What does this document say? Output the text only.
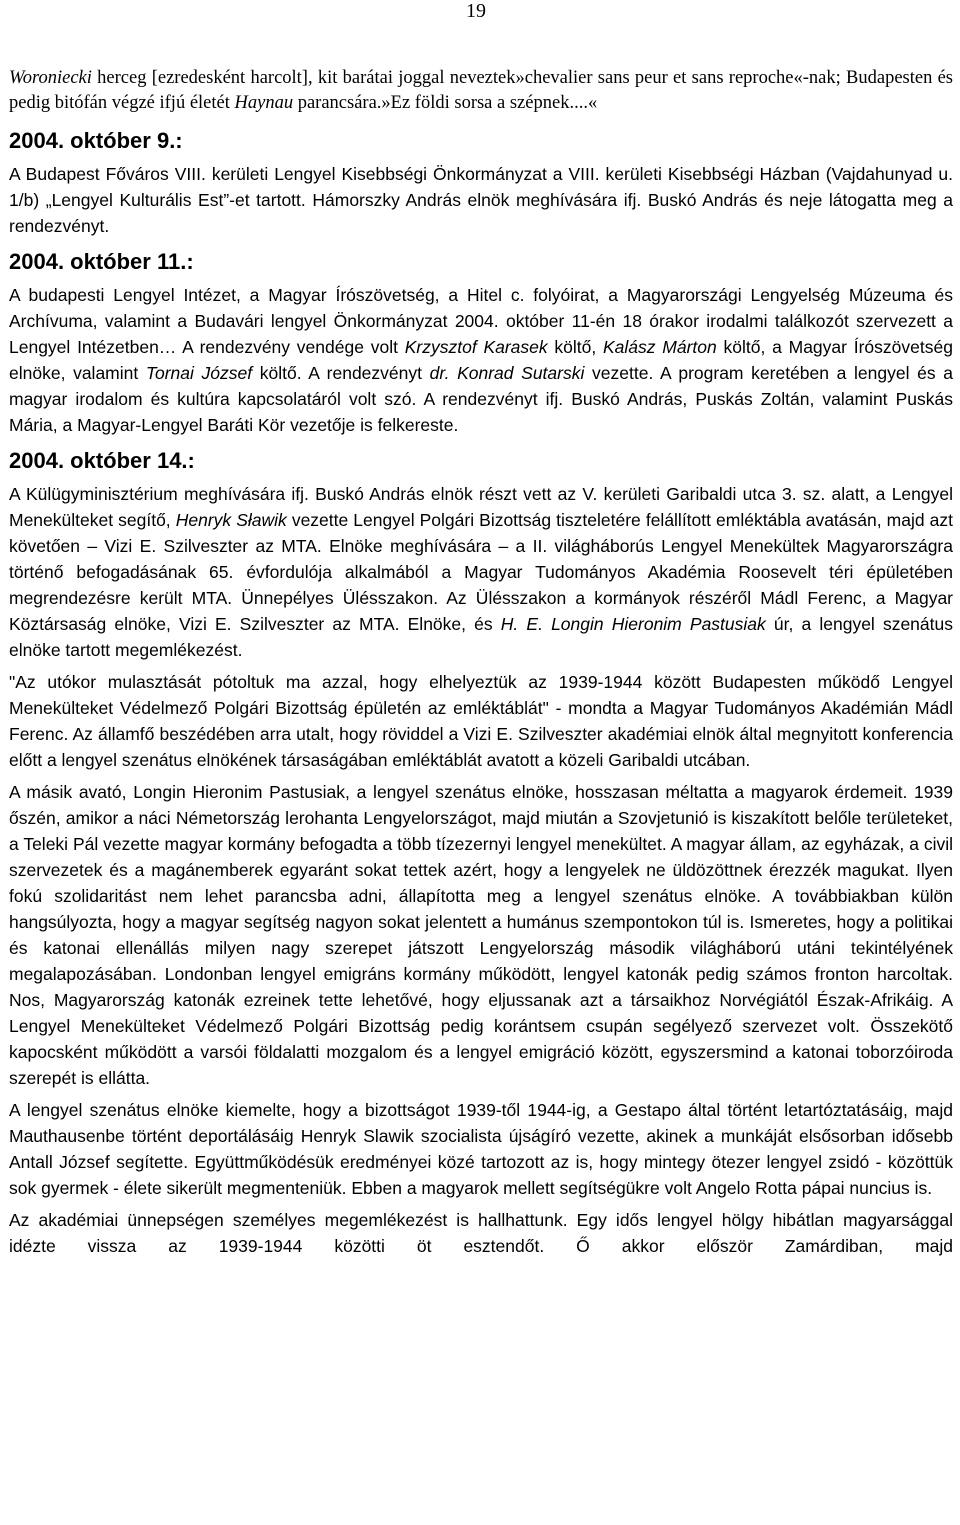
19

Woroniecki herceg [ezredesként harcolt], kit barátai joggal neveztek»chevalier sans peur et sans reproche«-nak; Budapesten és pedig bitófán végzé ifjú életét Haynau parancsára.»Ez földi sorsa a szépnek....«

2004. október 9.:

A Budapest Főváros VIII. kerületi Lengyel Kisebbségi Önkormányzat a VIII. kerületi Kisebbségi Házban (Vajdahunyad u. 1/b) „Lengyel Kulturális Est”-et tartott. Hámorszky András elnök meghívására ifj. Buskó András és neje látogatta meg a rendezvényt.

2004. október 11.:

A budapesti Lengyel Intézet, a Magyar Írószövetség, a Hitel c. folyóirat, a Magyarországi Lengyelség Múzeuma és Archívuma, valamint a Budavári lengyel Önkormányzat 2004. október 11-én 18 órakor irodalmi találkozót szervezett a Lengyel Intézetben… A rendezvény vendége volt Krzysztof Karasek költő, Kalász Márton költő, a Magyar Írószövetség elnöke, valamint Tornai József költő. A rendezvényt dr. Konrad Sutarski vezette. A program keretében a lengyel és a magyar irodalom és kultúra kapcsolatáról volt szó. A rendezvényt ifj. Buskó András, Puskás Zoltán, valamint Puskás Mária, a Magyar-Lengyel Baráti Kör vezetője is felkereste.

2004. október 14.:

A Külügyminisztérium meghívására ifj. Buskó András elnök részt vett az V. kerületi Garibaldi utca 3. sz. alatt, a Lengyel Menekülteket segítő, Henryk Sławik vezette Lengyel Polgári Bizottság tiszteletére felállított emléktábla avatásán, majd azt követően – Vizi E. Szilveszter az MTA. Elnöke meghívására – a II. világháborús Lengyel Menekültek Magyarországra történő befogadásának 65. évfordulója alkalmából a Magyar Tudományos Akadémia Roosevelt téri épületében megrendezésre került MTA. Ünnepélyes Ülésszakon. Az Ülésszakon a kormányok részéről Mádl Ferenc, a Magyar Köztársaság elnöke, Vizi E. Szilveszter az MTA. Elnöke, és H. E. Longin Hieronim Pastusiak úr, a lengyel szenátus elnöke tartott megemlékezést.

"Az utókor mulasztását pótoltuk ma azzal, hogy elhelyeztük az 1939-1944 között Budapesten működő Lengyel Menekülteket Védelmező Polgári Bizottság épületén az emléktáblát" - mondta a Magyar Tudományos Akadémián Mádl Ferenc. Az államfő beszédében arra utalt, hogy röviddel a Vizi E. Szilveszter akadémiai elnök által megnyitott konferencia előtt a lengyel szenátus elnökének társaságában emléktáblát avatott a közeli Garibaldi utcában.

A másik avató, Longin Hieronim Pastusiak, a lengyel szenátus elnöke, hosszasan méltatta a magyarok érdemeit. 1939 őszén, amikor a náci Németország lerohanta Lengyelországot, majd miután a Szovjetunió is kiszakított belőle területeket, a Teleki Pál vezette magyar kormány befogadta a több tízezernyi lengyel menekültet. A magyar állam, az egyházak, a civil szervezetek és a magánemberek egyaránt sokat tettek azért, hogy a lengyelek ne üldözöttnek érezzék magukat. Ilyen fokú szolidaritást nem lehet parancsba adni, állapította meg a lengyel szenátus elnöke. A továbbiakban külön hangsúlyozta, hogy a magyar segítség nagyon sokat jelentett a humánus szempontokon túl is. Ismeretes, hogy a politikai és katonai ellenállás milyen nagy szerepet játszott Lengyelország második világháború utáni tekintélyének megalapozásában. Londonban lengyel emigráns kormány működött, lengyel katonák pedig számos fronton harcoltak. Nos, Magyarország katonák ezreinek tette lehetővé, hogy eljussanak azt a társaikhoz Norvégiától Észak-Afrikáig. A Lengyel Menekülteket Védelmező Polgári Bizottság pedig korántsem csupán segélyező szervezet volt. Összekötő kapocsként működött a varsói földalatti mozgalom és a lengyel emigráció között, egyszersmind a katonai toborzóiroda szerepét is ellátta.

A lengyel szenátus elnöke kiemelte, hogy a bizottságot 1939-től 1944-ig, a Gestapo által történt letartóztatásáig, majd Mauthausenbe történt deportálásáig Henryk Slawik szocialista újságíró vezette, akinek a munkáját elsősorban idősebb Antall József segítette. Együttműködésük eredményei közé tartozott az is, hogy mintegy ötezer lengyel zsidó - közöttük sok gyermek - élete sikerült megmenteniük. Ebben a magyarok mellett segítségükre volt Angelo Rotta pápai nuncius is.

Az akadémiai ünnepségen személyes megemlékezést is hallhattunk. Egy idős lengyel hölgy hibátlan magyarsággal idézte vissza az 1939-1944 közötti öt esztendőt. Ő akkor először Zamárdiban, majd
